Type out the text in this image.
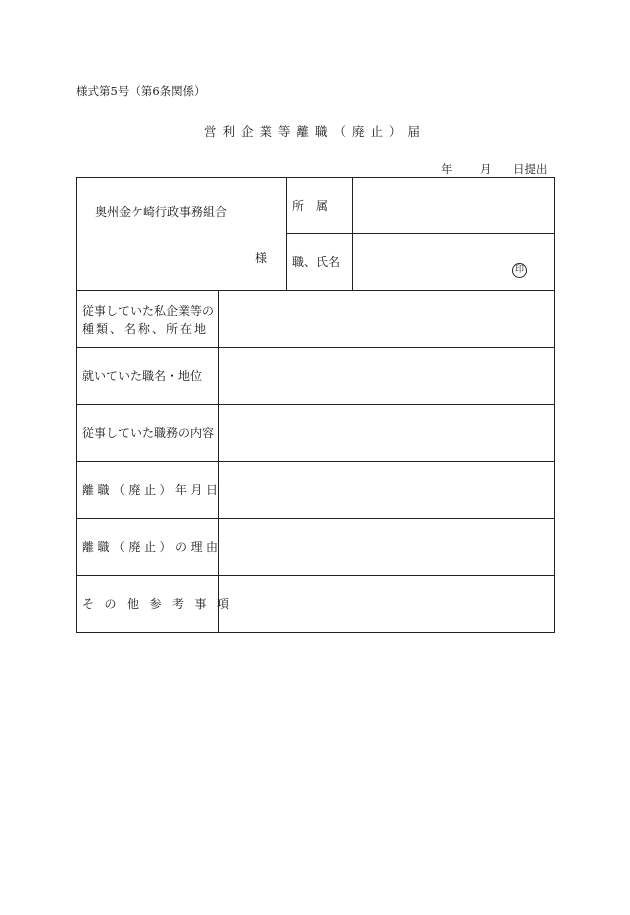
様式第5号（第6条関係）
営利企業等離職（廃止）届
年 月 日提出
奥州金ケ崎行政事務組合
様
所　属
職、氏名
印
従事していた私企業等の
種類、名称、所在地
就いていた職名・地位
従事していた職務の内容
離職（廃止）年月日
離職（廃止）の理由
その他参考事項
